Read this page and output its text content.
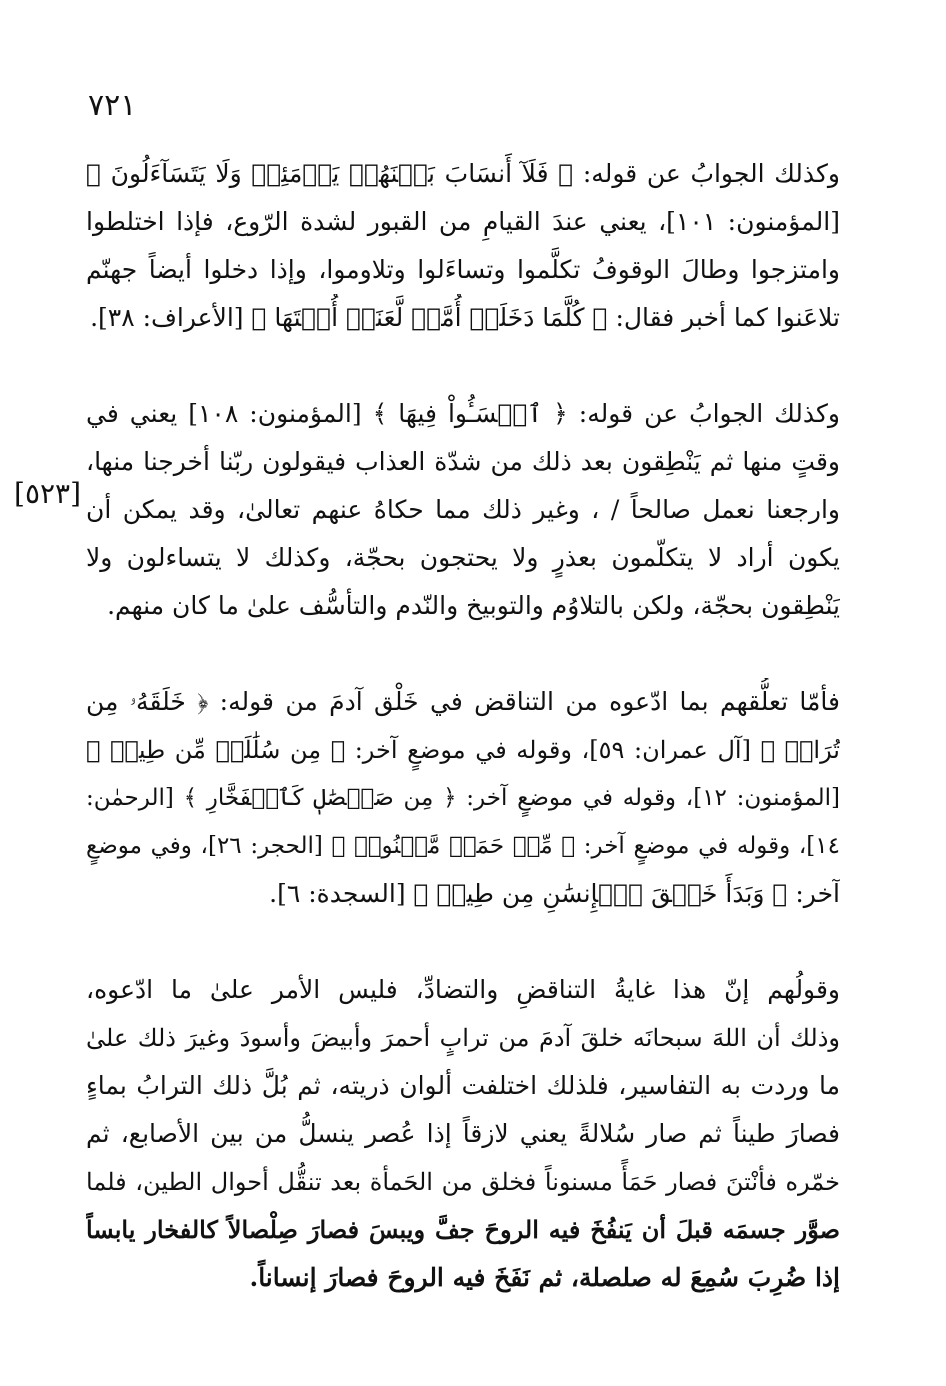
٧٢١
[٥٢٣]
وكذلك الجوابُ عن قوله: ﴿ فَلَآ أَنسَابَ بَيۡنَهُمۡ يَوۡمَئِذٖ وَلَا يَتَسَآءَلُونَ ﴾
[المؤمنون: ١٠١]، يعني عندَ القيامِ من القبور لشدة الرّوع، فإذا اختلطوا
وامتزجوا وطالَ الوقوفُ تكلَّموا وتساءَلوا وتلاوموا، وإذا دخلوا أيضاً جهنّم
تلاعَنوا كما أخبر فقال: ﴿ كُلَّمَا دَخَلَتۡ أُمَّةٞ لَّعَنَتۡ أُخۡتَهَا ﴾ [الأعراف: ٣٨].
وكذلك الجوابُ عن قوله: ﴿ ٱخۡسَـُٔواْ فِيهَا ﴾ [المؤمنون: ١٠٨] يعني في
وقتٍ منها ثم يَنْطِقون بعد ذلك من شدّة العذاب فيقولون ربّنا أخرجنا منها،
وارجعنا نعمل صالحاً / ، وغير ذلك مما حكاهُ عنهم تعالىٰ، وقد يمكن أن
يكون أراد لا يتكلّمون بعذرٍ ولا يحتجون بحجّة، وكذلك لا يتساءلون ولا
يَنْطِقون بحجّة، ولكن بالتلاوُم والتوبيخ والنّدم والتأسُّف علىٰ ما كان منهم.
فأمّا تعلُّقهم بما ادّعوه من التناقض في خَلْق آدمَ من قوله: ﴿ خَلَقَهُۥ مِن
تُرَابٖ ﴾ [آل عمران: ٥٩]، وقوله في موضعٍ آخر: ﴿ مِن سُلَٰلَةٖ مِّن طِينٖ ﴾
[المؤمنون: ١٢]، وقوله في موضعٍ آخر: ﴿ مِن صَلۡصَٰلٖ كَٱلۡفَخَّارِ ﴾ [الرحمٰن:
١٤]، وقوله في موضعٍ آخر: ﴿ مِّنۡ حَمَإٖ مَّسۡنُونٖ ﴾ [الحجر: ٢٦]، وفي موضعٍ
آخر: ﴿ وَبَدَأَ خَلۡقَ ٱلۡإِنسَٰنِ مِن طِينٖ ﴾ [السجدة: ٦].
وقولُهم إنّ هذا غايةُ التناقضِ والتضادِّ، فليس الأمر علىٰ ما ادّعوه،
وذلك أن اللهَ سبحانَه خلقَ آدمَ من ترابٍ أحمرَ وأبيضَ وأسودَ وغيرَ ذلك علىٰ
ما وردت به التفاسير، فلذلك اختلفت ألوان ذريته، ثم بُلَّ ذلك الترابُ بماءٍ
فصارَ طيناً ثم صار سُلالةً يعني لازقاً إذا عُصر ينسلُّ من بين الأصابع، ثم
خمّره فأنْتنَ فصار حَمَأً مسنوناً فخلق من الحَمأة بعد تنقُّل أحوال الطين، فلما
صوَّر جسمَه قبلَ أن يَنفُخَ فيه الروحَ جفَّ ويبسَ فصارَ صِلْصالاً كالفخار يابساً
إذا ضُرِبَ سُمِعَ له صلصلة، ثم نَفَخَ فيه الروحَ فصارَ إنساناً.
